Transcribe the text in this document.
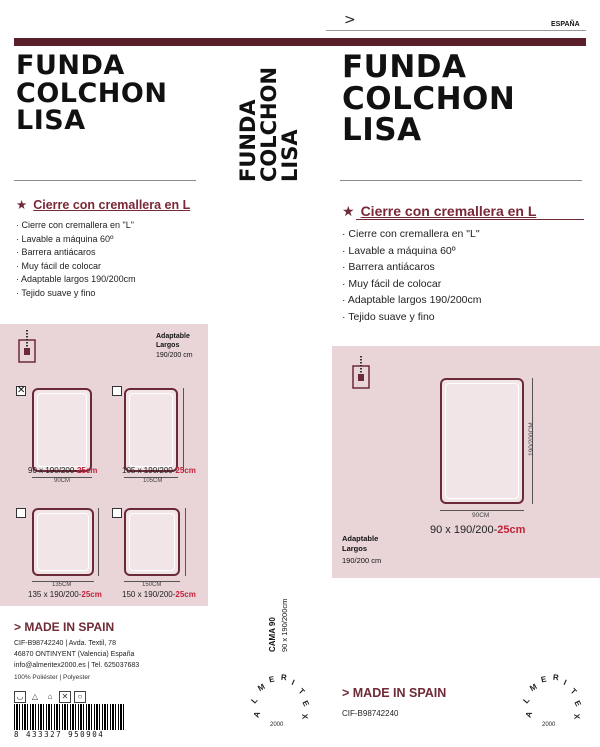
>	ESPAÑA
FUNDA
COLCHON
LISA
FUNDA
COLCHON
LISA
FUNDA
COLCHON
LISA
★ Cierre con cremallera en L
· Cierre con cremallera en "L"
· Lavable a máquina 60º
· Barrera antiácaros
· Muy fácil de colocar
· Adaptable largos 190/200cm
· Tejido suave y fino
★ Cierre con cremallera en L
· Cierre con cremallera en "L"
· Lavable a máquina 60º
· Barrera antiácaros
· Muy fácil de colocar
· Adaptable largos 190/200cm
· Tejido suave y fino
Adaptable
Largos
190/200 cm
✕
90CM	105CM
135CM	150CM
90 x 190/200-25cm	105 x 190/200-25cm
135 x 190/200-25cm	150 x 190/200-25cm
90CM
190/200CM
90 x 190/200-25cm
Adaptable
Largos
190/200 cm
CAMA 90 90 x 190/200cm
A
L
M
E R
I
T
E
X
2000
A
L
M
E R
I
T
E
X
2000
> MADE IN SPAIN
CIF-B98742240 | Avda. Textil, 78
46870 ONTINYENT (Valencia) España
info@almeritex2000.es | Tel. 625037683
100% Poliéster | Polyester
◡ △ ⌂ ✕ ○
8 433327 950904
> MADE IN SPAIN
CIF-B98742240
